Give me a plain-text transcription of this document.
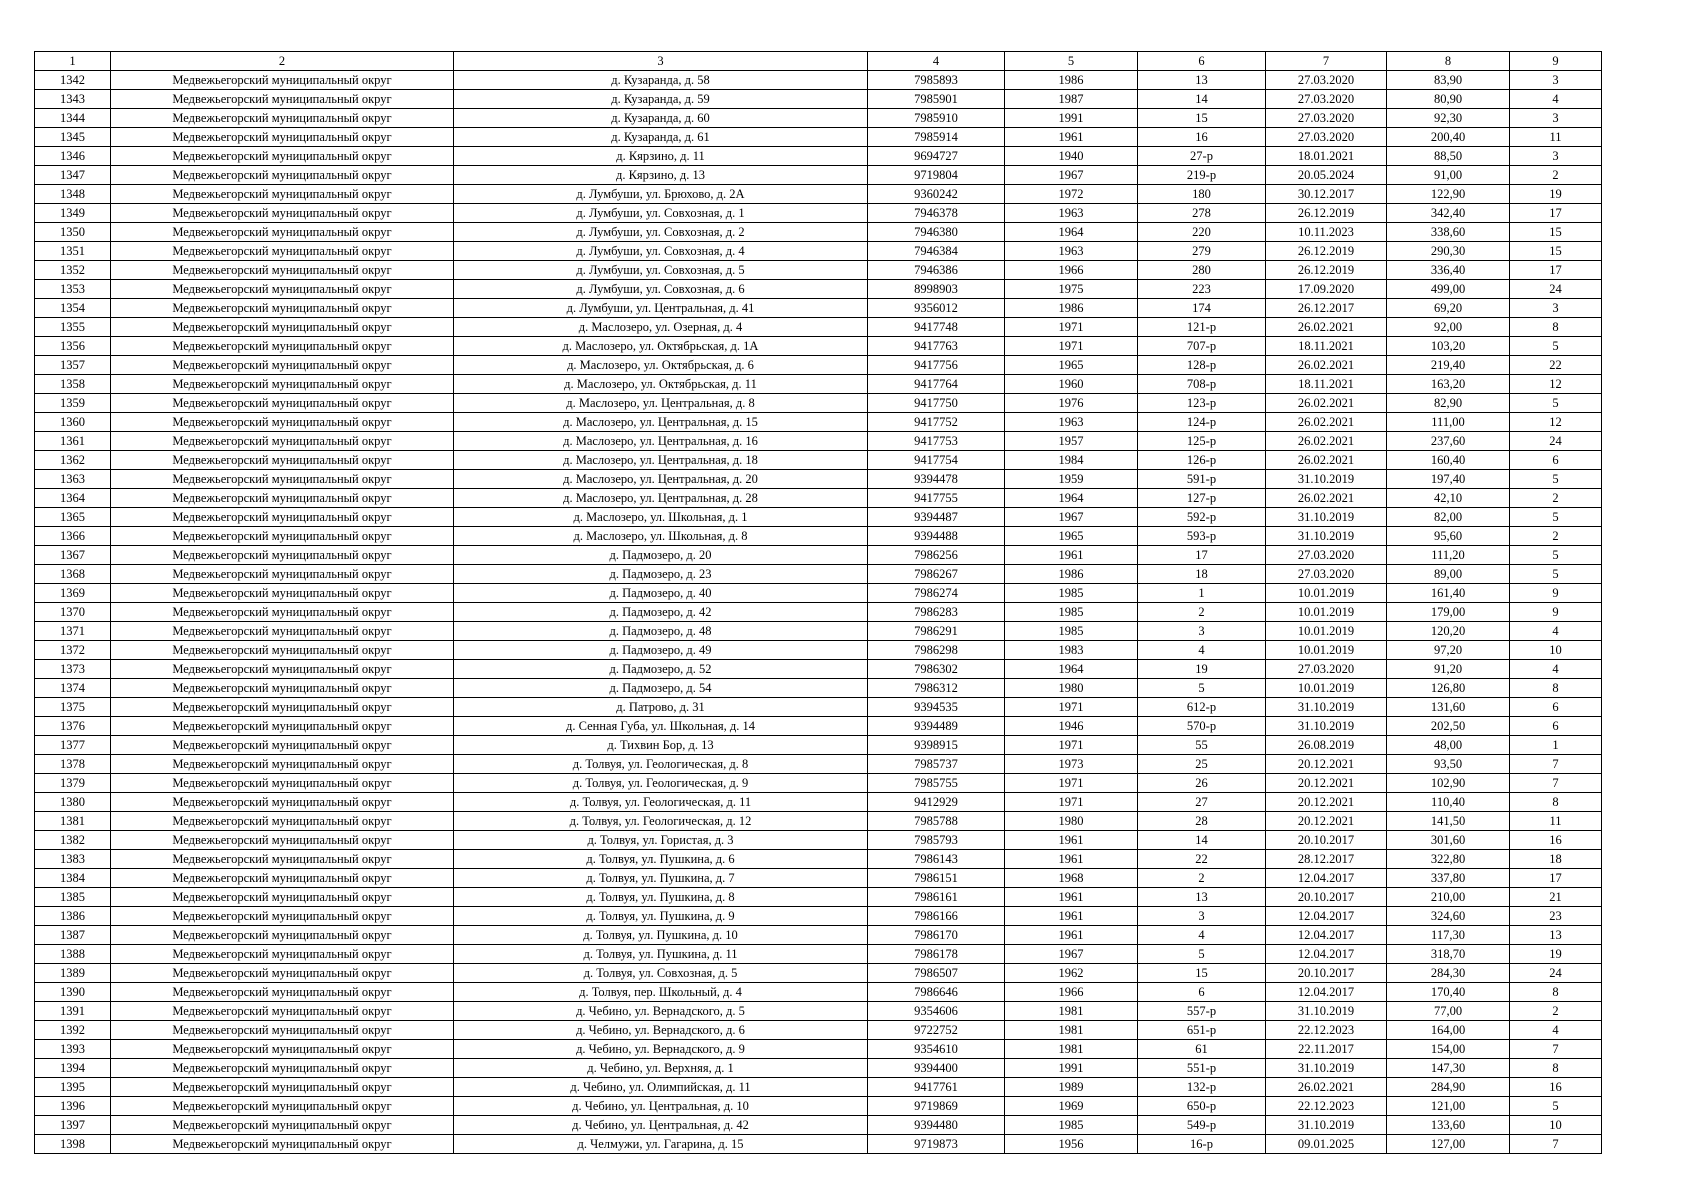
1	2	3	4	5	6	7	8	9
1342	Медвежьегорский муниципальный округ	д. Кузаранда, д. 58	7985893	1986	13	27.03.2020	83,90	3
1343	Медвежьегорский муниципальный округ	д. Кузаранда, д. 59	7985901	1987	14	27.03.2020	80,90	4
1344	Медвежьегорский муниципальный округ	д. Кузаранда, д. 60	7985910	1991	15	27.03.2020	92,30	3
1345	Медвежьегорский муниципальный округ	д. Кузаранда, д. 61	7985914	1961	16	27.03.2020	200,40	11
1346	Медвежьегорский муниципальный округ	д. Кярзино, д. 11	9694727	1940	27-р	18.01.2021	88,50	3
1347	Медвежьегорский муниципальный округ	д. Кярзино, д. 13	9719804	1967	219-р	20.05.2024	91,00	2
1348	Медвежьегорский муниципальный округ	д. Лумбуши, ул. Брюхово, д. 2А	9360242	1972	180	30.12.2017	122,90	19
1349	Медвежьегорский муниципальный округ	д. Лумбуши, ул. Совхозная, д. 1	7946378	1963	278	26.12.2019	342,40	17
1350	Медвежьегорский муниципальный округ	д. Лумбуши, ул. Совхозная, д. 2	7946380	1964	220	10.11.2023	338,60	15
1351	Медвежьегорский муниципальный округ	д. Лумбуши, ул. Совхозная, д. 4	7946384	1963	279	26.12.2019	290,30	15
1352	Медвежьегорский муниципальный округ	д. Лумбуши, ул. Совхозная, д. 5	7946386	1966	280	26.12.2019	336,40	17
1353	Медвежьегорский муниципальный округ	д. Лумбуши, ул. Совхозная, д. 6	8998903	1975	223	17.09.2020	499,00	24
1354	Медвежьегорский муниципальный округ	д. Лумбуши, ул. Центральная, д. 41	9356012	1986	174	26.12.2017	69,20	3
1355	Медвежьегорский муниципальный округ	д. Маслозеро, ул. Озерная, д. 4	9417748	1971	121-р	26.02.2021	92,00	8
1356	Медвежьегорский муниципальный округ	д. Маслозеро, ул. Октябрьская, д. 1А	9417763	1971	707-р	18.11.2021	103,20	5
1357	Медвежьегорский муниципальный округ	д. Маслозеро, ул. Октябрьская, д. 6	9417756	1965	128-р	26.02.2021	219,40	22
1358	Медвежьегорский муниципальный округ	д. Маслозеро, ул. Октябрьская, д. 11	9417764	1960	708-р	18.11.2021	163,20	12
1359	Медвежьегорский муниципальный округ	д. Маслозеро, ул. Центральная, д. 8	9417750	1976	123-р	26.02.2021	82,90	5
1360	Медвежьегорский муниципальный округ	д. Маслозеро, ул. Центральная, д. 15	9417752	1963	124-р	26.02.2021	111,00	12
1361	Медвежьегорский муниципальный округ	д. Маслозеро, ул. Центральная, д. 16	9417753	1957	125-р	26.02.2021	237,60	24
1362	Медвежьегорский муниципальный округ	д. Маслозеро, ул. Центральная, д. 18	9417754	1984	126-р	26.02.2021	160,40	6
1363	Медвежьегорский муниципальный округ	д. Маслозеро, ул. Центральная, д. 20	9394478	1959	591-р	31.10.2019	197,40	5
1364	Медвежьегорский муниципальный округ	д. Маслозеро, ул. Центральная, д. 28	9417755	1964	127-р	26.02.2021	42,10	2
1365	Медвежьегорский муниципальный округ	д. Маслозеро, ул. Школьная, д. 1	9394487	1967	592-р	31.10.2019	82,00	5
1366	Медвежьегорский муниципальный округ	д. Маслозеро, ул. Школьная, д. 8	9394488	1965	593-р	31.10.2019	95,60	2
1367	Медвежьегорский муниципальный округ	д. Падмозеро, д. 20	7986256	1961	17	27.03.2020	111,20	5
1368	Медвежьегорский муниципальный округ	д. Падмозеро, д. 23	7986267	1986	18	27.03.2020	89,00	5
1369	Медвежьегорский муниципальный округ	д. Падмозеро, д. 40	7986274	1985	1	10.01.2019	161,40	9
1370	Медвежьегорский муниципальный округ	д. Падмозеро, д. 42	7986283	1985	2	10.01.2019	179,00	9
1371	Медвежьегорский муниципальный округ	д. Падмозеро, д. 48	7986291	1985	3	10.01.2019	120,20	4
1372	Медвежьегорский муниципальный округ	д. Падмозеро, д. 49	7986298	1983	4	10.01.2019	97,20	10
1373	Медвежьегорский муниципальный округ	д. Падмозеро, д. 52	7986302	1964	19	27.03.2020	91,20	4
1374	Медвежьегорский муниципальный округ	д. Падмозеро, д. 54	7986312	1980	5	10.01.2019	126,80	8
1375	Медвежьегорский муниципальный округ	д. Патрово, д. 31	9394535	1971	612-р	31.10.2019	131,60	6
1376	Медвежьегорский муниципальный округ	д. Сенная Губа, ул. Школьная, д. 14	9394489	1946	570-р	31.10.2019	202,50	6
1377	Медвежьегорский муниципальный округ	д. Тихвин Бор, д. 13	9398915	1971	55	26.08.2019	48,00	1
1378	Медвежьегорский муниципальный округ	д. Толвуя, ул. Геологическая, д. 8	7985737	1973	25	20.12.2021	93,50	7
1379	Медвежьегорский муниципальный округ	д. Толвуя, ул. Геологическая, д. 9	7985755	1971	26	20.12.2021	102,90	7
1380	Медвежьегорский муниципальный округ	д. Толвуя, ул. Геологическая, д. 11	9412929	1971	27	20.12.2021	110,40	8
1381	Медвежьегорский муниципальный округ	д. Толвуя, ул. Геологическая, д. 12	7985788	1980	28	20.12.2021	141,50	11
1382	Медвежьегорский муниципальный округ	д. Толвуя, ул. Гористая, д. 3	7985793	1961	14	20.10.2017	301,60	16
1383	Медвежьегорский муниципальный округ	д. Толвуя, ул. Пушкина, д. 6	7986143	1961	22	28.12.2017	322,80	18
1384	Медвежьегорский муниципальный округ	д. Толвуя, ул. Пушкина, д. 7	7986151	1968	2	12.04.2017	337,80	17
1385	Медвежьегорский муниципальный округ	д. Толвуя, ул. Пушкина, д. 8	7986161	1961	13	20.10.2017	210,00	21
1386	Медвежьегорский муниципальный округ	д. Толвуя, ул. Пушкина, д. 9	7986166	1961	3	12.04.2017	324,60	23
1387	Медвежьегорский муниципальный округ	д. Толвуя, ул. Пушкина, д. 10	7986170	1961	4	12.04.2017	117,30	13
1388	Медвежьегорский муниципальный округ	д. Толвуя, ул. Пушкина, д. 11	7986178	1967	5	12.04.2017	318,70	19
1389	Медвежьегорский муниципальный округ	д. Толвуя, ул. Совхозная, д. 5	7986507	1962	15	20.10.2017	284,30	24
1390	Медвежьегорский муниципальный округ	д. Толвуя, пер. Школьный, д. 4	7986646	1966	6	12.04.2017	170,40	8
1391	Медвежьегорский муниципальный округ	д. Чебино, ул. Вернадского, д. 5	9354606	1981	557-р	31.10.2019	77,00	2
1392	Медвежьегорский муниципальный округ	д. Чебино, ул. Вернадского, д. 6	9722752	1981	651-р	22.12.2023	164,00	4
1393	Медвежьегорский муниципальный округ	д. Чебино, ул. Вернадского, д. 9	9354610	1981	61	22.11.2017	154,00	7
1394	Медвежьегорский муниципальный округ	д. Чебино, ул. Верхняя, д. 1	9394400	1991	551-р	31.10.2019	147,30	8
1395	Медвежьегорский муниципальный округ	д. Чебино, ул. Олимпийская, д. 11	9417761	1989	132-р	26.02.2021	284,90	16
1396	Медвежьегорский муниципальный округ	д. Чебино, ул. Центральная, д. 10	9719869	1969	650-р	22.12.2023	121,00	5
1397	Медвежьегорский муниципальный округ	д. Чебино, ул. Центральная, д. 42	9394480	1985	549-р	31.10.2019	133,60	10
1398	Медвежьегорский муниципальный округ	д. Челмужи, ул. Гагарина, д. 15	9719873	1956	16-р	09.01.2025	127,00	7
